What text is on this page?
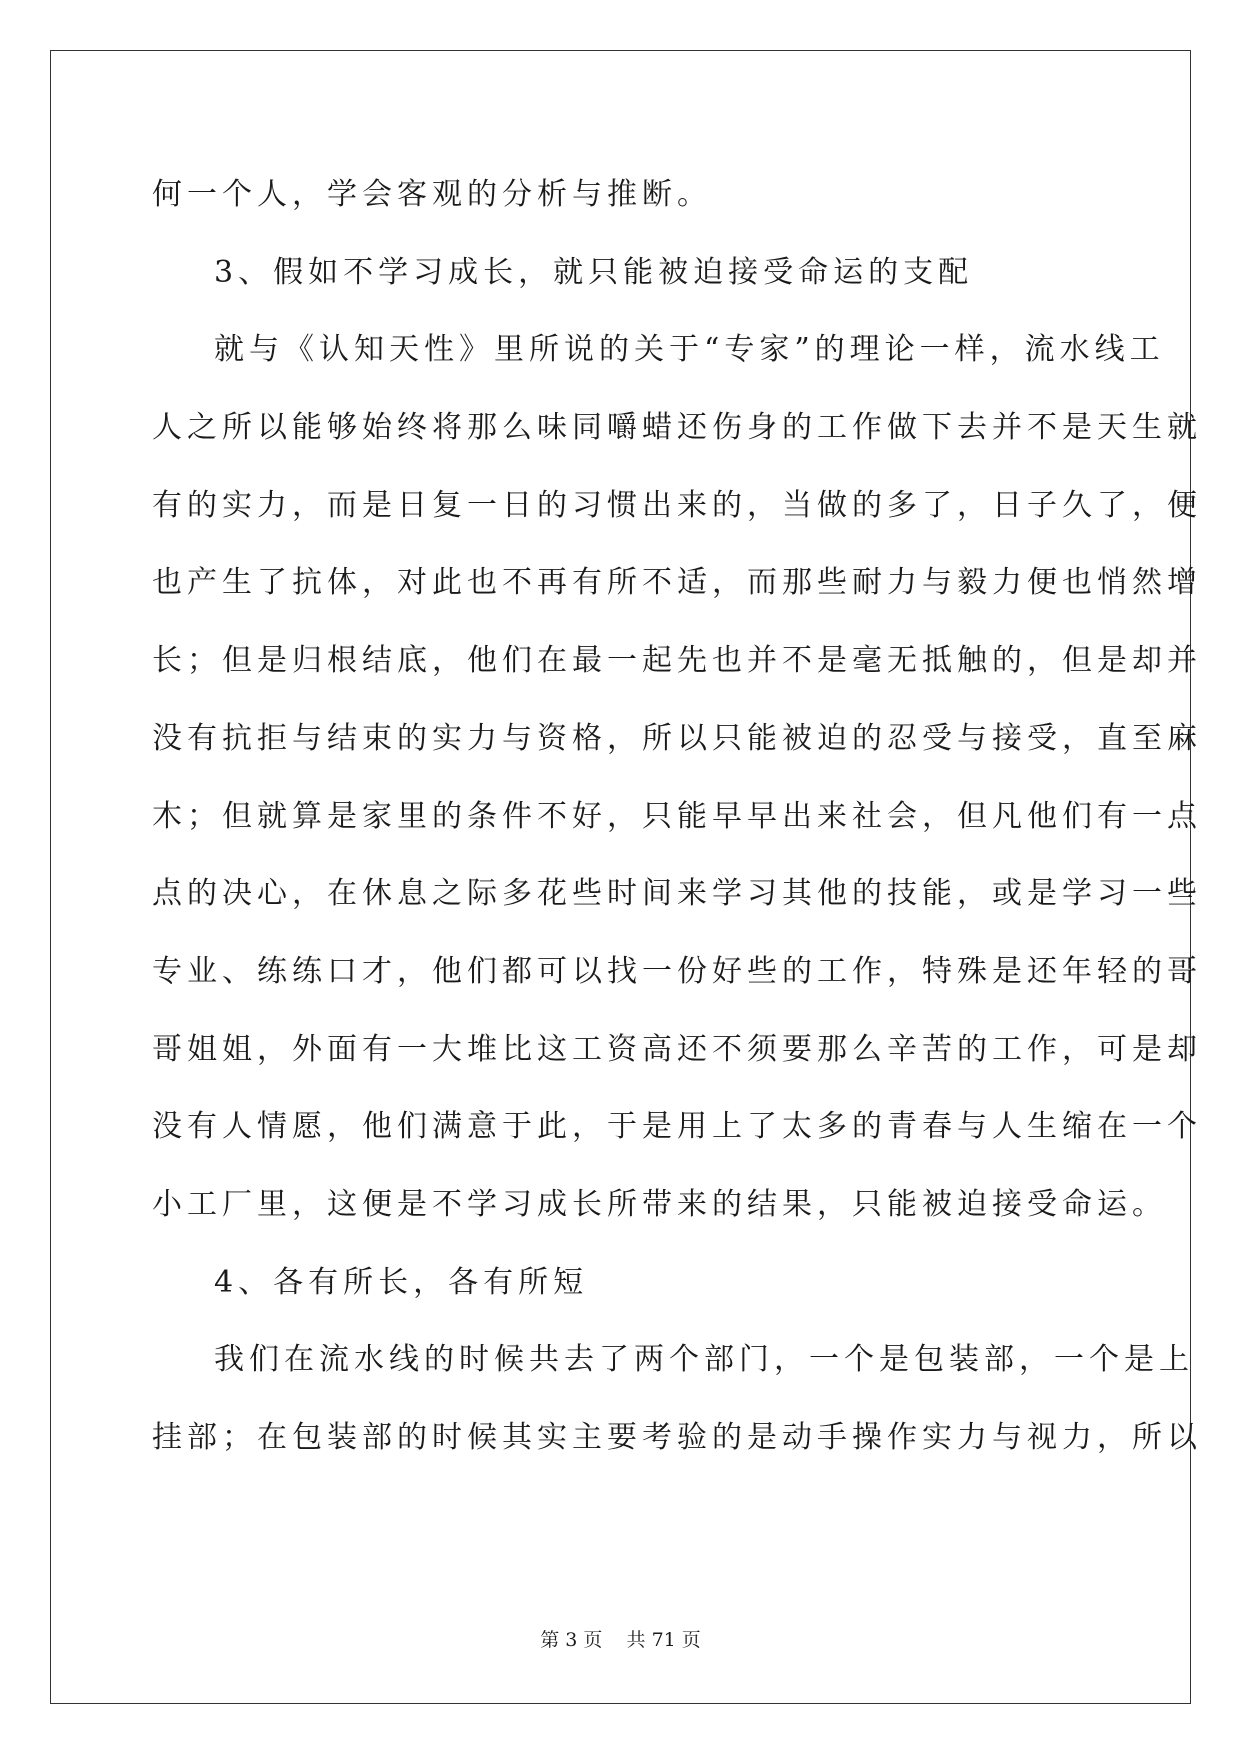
何一个人，学会客观的分析与推断。
3、假如不学习成长，就只能被迫接受命运的支配
就与《认知天性》里所说的关于“专家”的理论一样，流水线工
人之所以能够始终将那么味同嚼蜡还伤身的工作做下去并不是天生就
有的实力，而是日复一日的习惯出来的，当做的多了，日子久了，便
也产生了抗体，对此也不再有所不适，而那些耐力与毅力便也悄然增
长；但是归根结底，他们在最一起先也并不是毫无抵触的，但是却并
没有抗拒与结束的实力与资格，所以只能被迫的忍受与接受，直至麻
木；但就算是家里的条件不好，只能早早出来社会，但凡他们有一点
点的决心，在休息之际多花些时间来学习其他的技能，或是学习一些
专业、练练口才，他们都可以找一份好些的工作，特殊是还年轻的哥
哥姐姐，外面有一大堆比这工资高还不须要那么辛苦的工作，可是却
没有人情愿，他们满意于此，于是用上了太多的青春与人生缩在一个
小工厂里，这便是不学习成长所带来的结果，只能被迫接受命运。
4、各有所长，各有所短
我们在流水线的时候共去了两个部门，一个是包装部，一个是上
挂部；在包装部的时候其实主要考验的是动手操作实力与视力，所以
第 3 页    共 71 页
